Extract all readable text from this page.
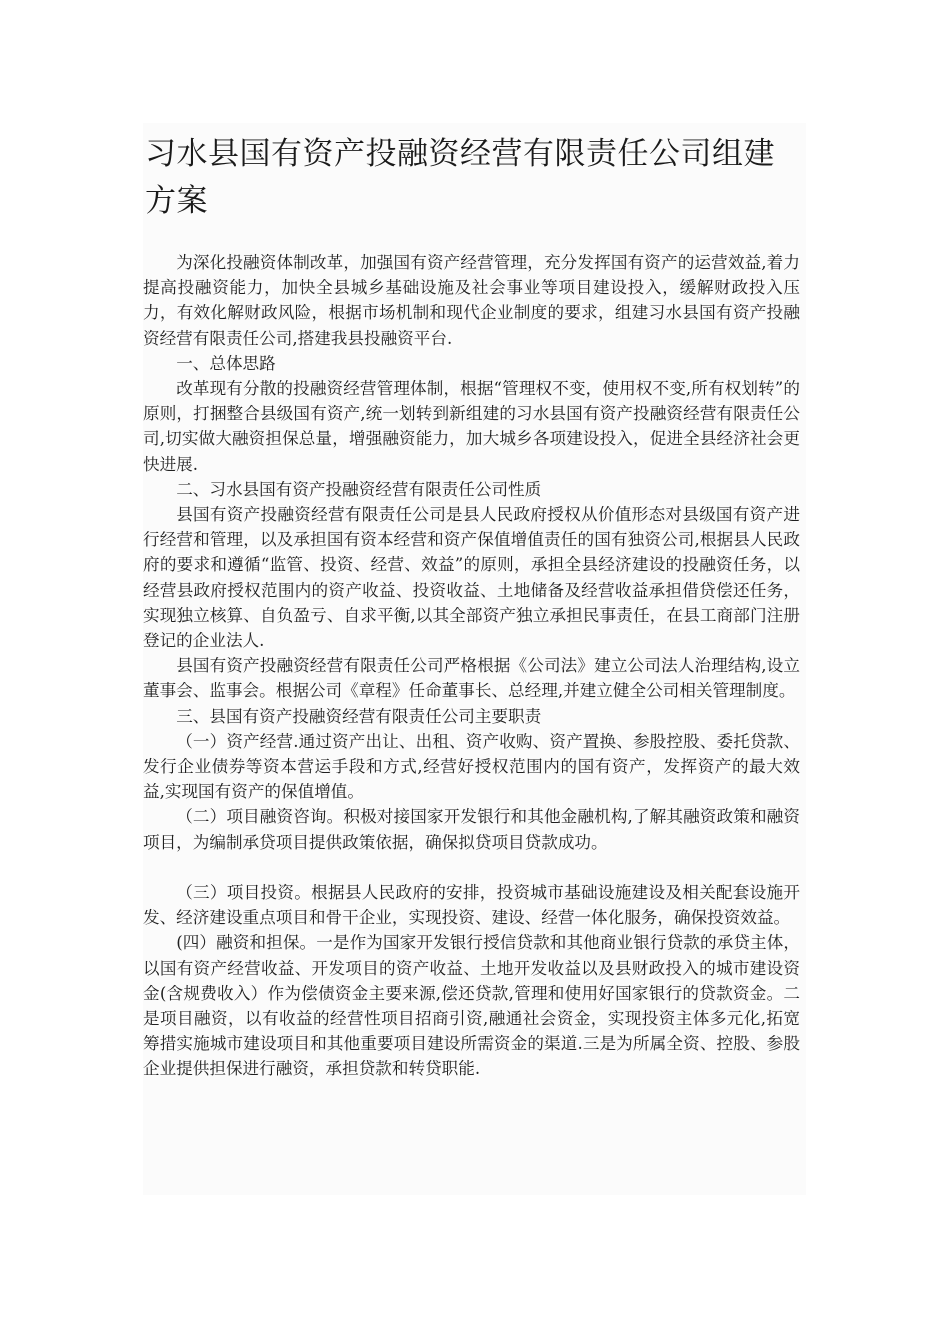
习水县国有资产投融资经营有限责任公司组建方案

为深化投融资体制改革，加强国有资产经营管理，充分发挥国有资产的运营效益,着力提高投融资能力，加快全县城乡基础设施及社会事业等项目建设投入，缓解财政投入压力，有效化解财政风险，根据市场机制和现代企业制度的要求，组建习水县国有资产投融资经营有限责任公司,搭建我县投融资平台.

一、总体思路

改革现有分散的投融资经营管理体制，根据“管理权不变，使用权不变,所有权划转”的原则，打捆整合县级国有资产,统一划转到新组建的习水县国有资产投融资经营有限责任公司,切实做大融资担保总量，增强融资能力，加大城乡各项建设投入，促进全县经济社会更快进展.

二、习水县国有资产投融资经营有限责任公司性质

县国有资产投融资经营有限责任公司是县人民政府授权从价值形态对县级国有资产进行经营和管理，以及承担国有资本经营和资产保值增值责任的国有独资公司,根据县人民政府的要求和遵循“监管、投资、经营、效益”的原则，承担全县经济建设的投融资任务，以经营县政府授权范围内的资产收益、投资收益、土地储备及经营收益承担借贷偿还任务，实现独立核算、自负盈亏、自求平衡,以其全部资产独立承担民事责任，在县工商部门注册登记的企业法人.

县国有资产投融资经营有限责任公司严格根据《公司法》建立公司法人治理结构,设立董事会、监事会。根据公司《章程》任命董事长、总经理,并建立健全公司相关管理制度。

三、县国有资产投融资经营有限责任公司主要职责

（一）资产经营.通过资产出让、出租、资产收购、资产置换、参股控股、委托贷款、发行企业债券等资本营运手段和方式,经营好授权范围内的国有资产，发挥资产的最大效益,实现国有资产的保值增值。

（二）项目融资咨询。积极对接国家开发银行和其他金融机构,了解其融资政策和融资项目，为编制承贷项目提供政策依据，确保拟贷项目贷款成功。

（三）项目投资。根据县人民政府的安排，投资城市基础设施建设及相关配套设施开发、经济建设重点项目和骨干企业，实现投资、建设、经营一体化服务，确保投资效益。

(四）融资和担保。一是作为国家开发银行授信贷款和其他商业银行贷款的承贷主体，以国有资产经营收益、开发项目的资产收益、土地开发收益以及县财政投入的城市建设资金(含规费收入）作为偿债资金主要来源,偿还贷款,管理和使用好国家银行的贷款资金。二是项目融资，以有收益的经营性项目招商引资,融通社会资金，实现投资主体多元化,拓宽筹措实施城市建设项目和其他重要项目建设所需资金的渠道.三是为所属全资、控股、参股企业提供担保进行融资，承担贷款和转贷职能.
